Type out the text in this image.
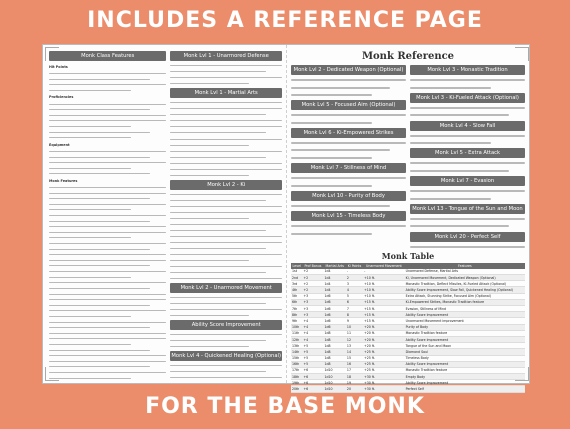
INCLUDES A REFERENCE PAGE
Monk Class Features
Hit Points
Proficiencies
Equipment
Monk Features
Monk Lvl 1 - Unarmored Defense
Monk Lvl 1 - Martial Arts
Monk Lvl 2 - Ki
Monk Lvl 2 - Unarmored Movement
Ability Score Improvement
Monk Lvl 4 - Quickened Healing (Optional)
Monk Reference
Monk Lvl 2 - Dedicated Weapon (Optional)
Monk Lvl 5 - Focused Aim (Optional)
Monk Lvl 6 - Ki-Empowered Strikes
Monk Lvl 7 - Stillness of Mind
Monk Lvl 10 - Purity of Body
Monk Lvl 15 - Timeless Body
Monk Lvl 3 - Monastic Tradition
Monk Lvl 3 - Ki-Fueled Attack (Optional)
Monk Lvl 4 - Slow Fall
Monk Lvl 5 - Extra Attack
Monk Lvl 7 - Evasion
Monk Lvl 13 - Tongue of the Sun and Moon
Monk Lvl 20 - Perfect Self
Monk Table
Level	Prof Bonus	Martial Arts	Ki Points	Unarmored Movement	Features
1st	+2	1d4	-	-	Unarmored Defense, Martial Arts
2nd	+2	1d4	2	+10 ft.	Ki, Unarmored Movement, Dedicated Weapon (Optional)
3rd	+2	1d4	3	+10 ft.	Monastic Tradition, Deflect Missiles, Ki-Fueled Attack (Optional)
4th	+2	1d4	4	+10 ft.	Ability Score Improvement, Slow Fall, Quickened Healing (Optional)
5th	+3	1d6	5	+10 ft.	Extra Attack, Stunning Strike, Focused Aim (Optional)
6th	+3	1d6	6	+15 ft.	Ki-Empowered Strikes, Monastic Tradition feature
7th	+3	1d6	7	+15 ft.	Evasion, Stillness of Mind
8th	+3	1d6	8	+15 ft.	Ability Score Improvement
9th	+4	1d6	9	+15 ft.	Unarmored Movement improvement
10th	+4	1d6	10	+20 ft.	Purity of Body
11th	+4	1d8	11	+20 ft.	Monastic Tradition feature
12th	+4	1d8	12	+20 ft.	Ability Score Improvement
13th	+5	1d8	13	+20 ft.	Tongue of the Sun and Moon
14th	+5	1d8	14	+25 ft.	Diamond Soul
15th	+5	1d8	15	+25 ft.	Timeless Body
16th	+5	1d8	16	+25 ft.	Ability Score Improvement
17th	+6	1d10	17	+25 ft.	Monastic Tradition feature
18th	+6	1d10	18	+30 ft.	Empty Body
19th	+6	1d10	19	+30 ft.	Ability Score Improvement
20th	+6	1d10	20	+30 ft.	Perfect Self
FOR THE BASE MONK
